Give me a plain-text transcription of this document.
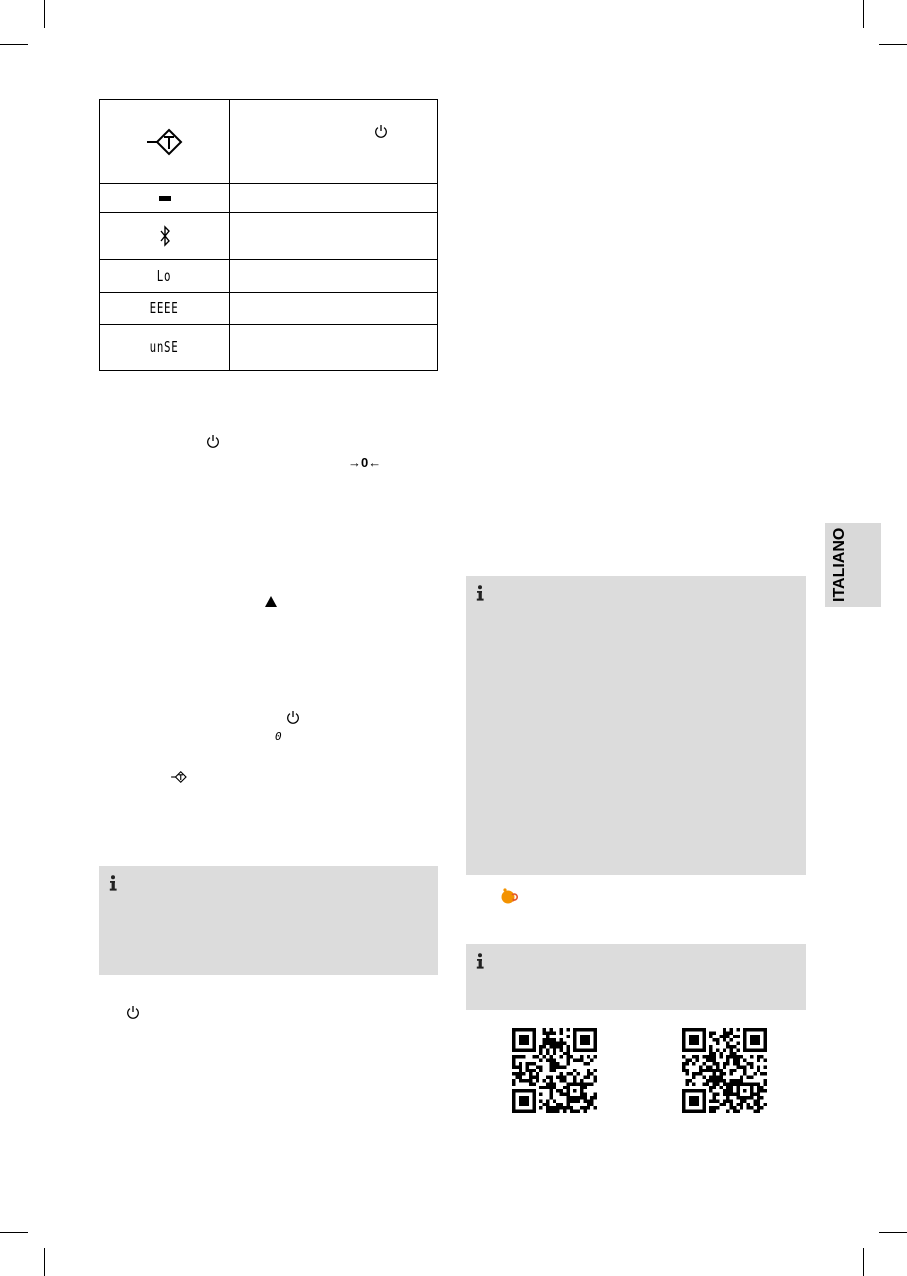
Lo
EEEE
unSE
→0←
0
ITALIANO
